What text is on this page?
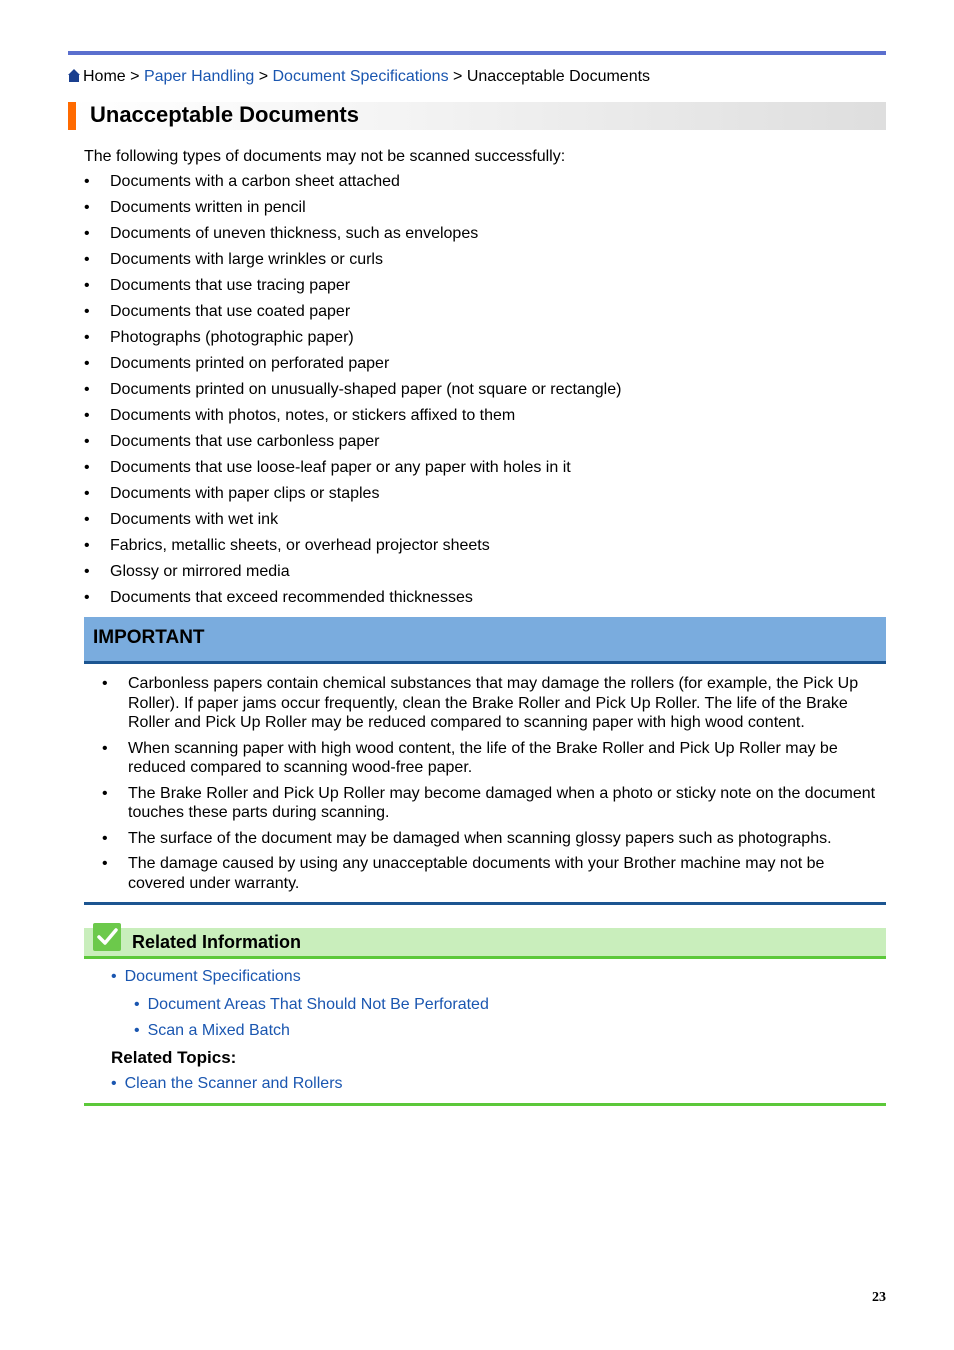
Home > Paper Handling > Document Specifications > Unacceptable Documents
Unacceptable Documents
The following types of documents may not be scanned successfully:
• Documents with a carbon sheet attached
• Documents written in pencil
• Documents of uneven thickness, such as envelopes
• Documents with large wrinkles or curls
• Documents that use tracing paper
• Documents that use coated paper
• Photographs (photographic paper)
• Documents printed on perforated paper
• Documents printed on unusually-shaped paper (not square or rectangle)
• Documents with photos, notes, or stickers affixed to them
• Documents that use carbonless paper
• Documents that use loose-leaf paper or any paper with holes in it
• Documents with paper clips or staples
• Documents with wet ink
• Fabrics, metallic sheets, or overhead projector sheets
• Glossy or mirrored media
• Documents that exceed recommended thicknesses
IMPORTANT
• Carbonless papers contain chemical substances that may damage the rollers (for example, the Pick Up Roller). If paper jams occur frequently, clean the Brake Roller and Pick Up Roller. The life of the Brake Roller and Pick Up Roller may be reduced compared to scanning paper with high wood content.
• When scanning paper with high wood content, the life of the Brake Roller and Pick Up Roller may be reduced compared to scanning wood-free paper.
• The Brake Roller and Pick Up Roller may become damaged when a photo or sticky note on the document touches these parts during scanning.
• The surface of the document may be damaged when scanning glossy papers such as photographs.
• The damage caused by using any unacceptable documents with your Brother machine may not be covered under warranty.
Related Information
• Document Specifications
• Document Areas That Should Not Be Perforated
• Scan a Mixed Batch
Related Topics:
• Clean the Scanner and Rollers
23
